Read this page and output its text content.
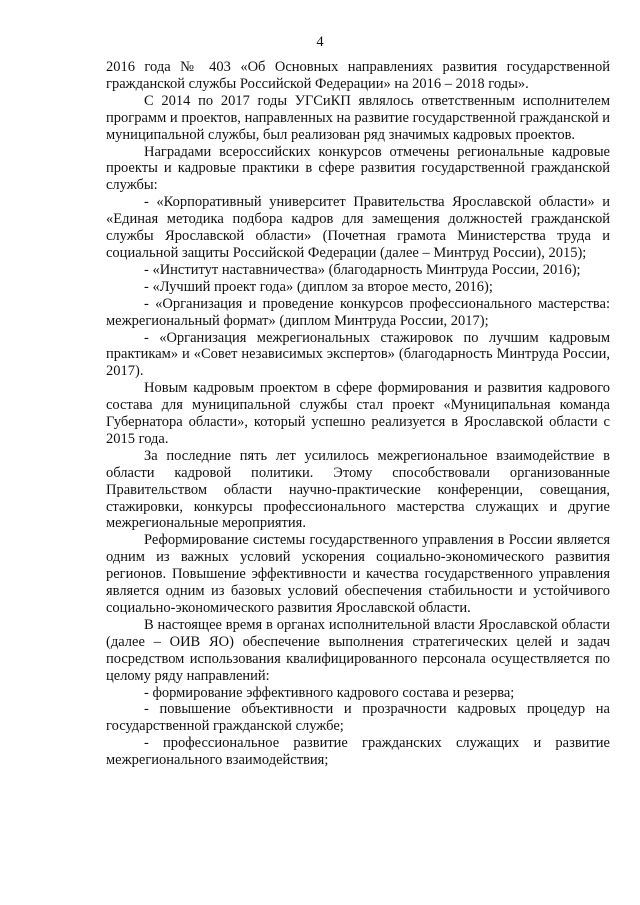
4

2016 года № 403 «Об Основных направлениях развития государственной гражданской службы Российской Федерации» на 2016 – 2018 годы».

С 2014 по 2017 годы УГСиКП являлось ответственным исполнителем программ и проектов, направленных на развитие государственной гражданской и муниципальной службы, был реализован ряд значимых кадровых проектов.

Наградами всероссийских конкурсов отмечены региональные кадровые проекты и кадровые практики в сфере развития государственной гражданской службы:

- «Корпоративный университет Правительства Ярославской области» и «Единая методика подбора кадров для замещения должностей гражданской службы Ярославской области» (Почетная грамота Министерства труда и социальной защиты Российской Федерации (далее – Минтруд России), 2015);

- «Институт наставничества» (благодарность Минтруда России, 2016);

- «Лучший проект года» (диплом за второе место, 2016);

- «Организация и проведение конкурсов профессионального мастерства: межрегиональный формат» (диплом Минтруда России, 2017);

- «Организация межрегиональных стажировок по лучшим кадровым практикам» и «Совет независимых экспертов» (благодарность Минтруда России, 2017).

Новым кадровым проектом в сфере формирования и развития кадрового состава для муниципальной службы стал проект «Муниципальная команда Губернатора области», который успешно реализуется в Ярославской области с 2015 года.

За последние пять лет усилилось межрегиональное взаимодействие в области кадровой политики. Этому способствовали организованные Правительством области научно-практические конференции, совещания, стажировки, конкурсы профессионального мастерства служащих и другие межрегиональные мероприятия.

Реформирование системы государственного управления в России является одним из важных условий ускорения социально-экономического развития регионов. Повышение эффективности и качества государственного управления является одним из базовых условий обеспечения стабильности и устойчивого социально-экономического развития Ярославской области.

В настоящее время в органах исполнительной власти Ярославской области (далее – ОИВ ЯО) обеспечение выполнения стратегических целей и задач посредством использования квалифицированного персонала осуществляется по целому ряду направлений:

- формирование эффективного кадрового состава и резерва;

- повышение объективности и прозрачности кадровых процедур на государственной гражданской службе;

- профессиональное развитие гражданских служащих и развитие межрегионального взаимодействия;
